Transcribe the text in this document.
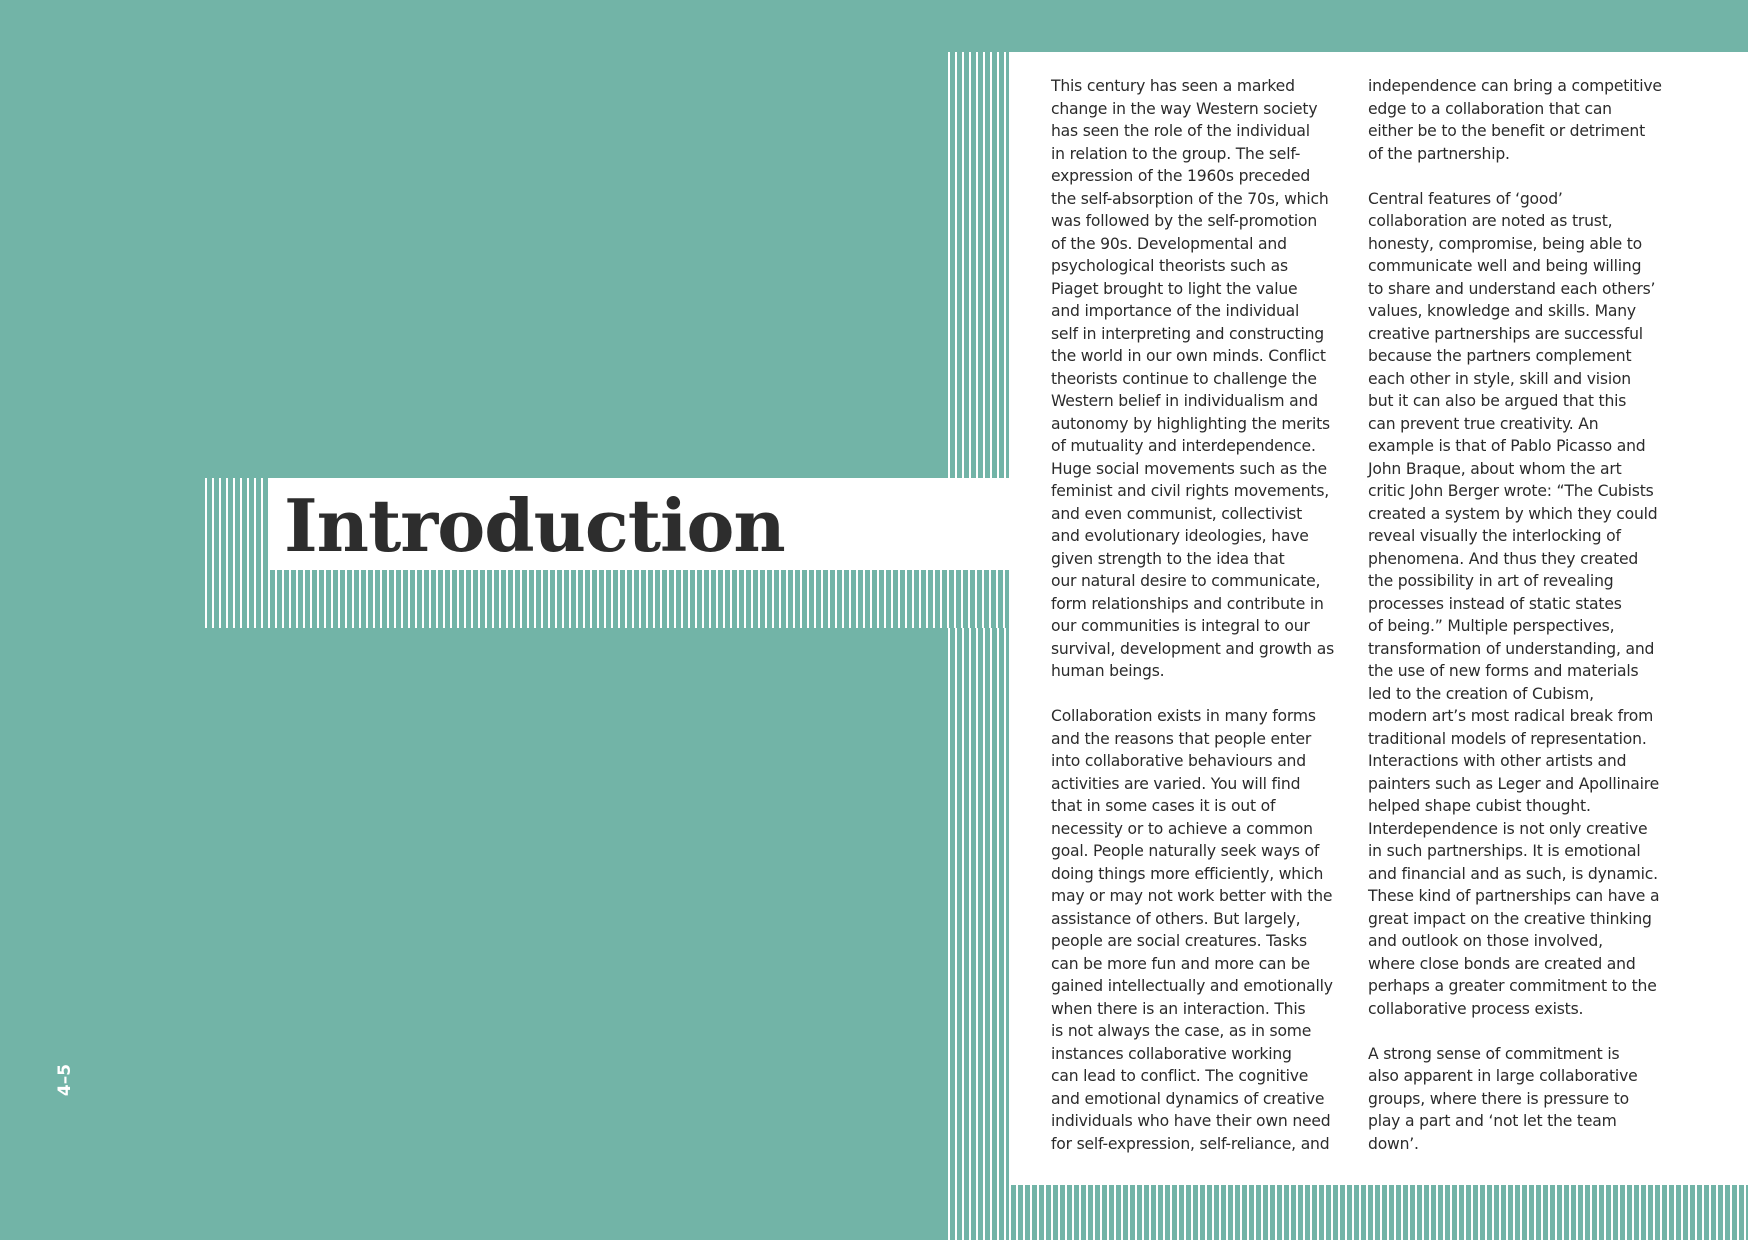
Introduction

This century has seen a marked
change in the way Western society
has seen the role of the individual
in relation to the group. The self-
expression of the 1960s preceded
the self-absorption of the 70s, which
was followed by the self-promotion
of the 90s. Developmental and
psychological theorists such as
Piaget brought to light the value
and importance of the individual
self in interpreting and constructing
the world in our own minds. Conflict
theorists continue to challenge the
Western belief in individualism and
autonomy by highlighting the merits
of mutuality and interdependence.
Huge social movements such as the
feminist and civil rights movements,
and even communist, collectivist
and evolutionary ideologies, have
given strength to the idea that
our natural desire to communicate,
form relationships and contribute in
our communities is integral to our
survival, development and growth as
human beings.

Collaboration exists in many forms
and the reasons that people enter
into collaborative behaviours and
activities are varied. You will find
that in some cases it is out of
necessity or to achieve a common
goal. People naturally seek ways of
doing things more efficiently, which
may or may not work better with the
assistance of others. But largely,
people are social creatures. Tasks
can be more fun and more can be
gained intellectually and emotionally
when there is an interaction. This
is not always the case, as in some
instances collaborative working
can lead to conflict. The cognitive
and emotional dynamics of creative
individuals who have their own need
for self-expression, self-reliance, and

independence can bring a competitive
edge to a collaboration that can
either be to the benefit or detriment
of the partnership.

Central features of ‘good’
collaboration are noted as trust,
honesty, compromise, being able to
communicate well and being willing
to share and understand each others’
values, knowledge and skills. Many
creative partnerships are successful
because the partners complement
each other in style, skill and vision
but it can also be argued that this
can prevent true creativity. An
example is that of Pablo Picasso and
John Braque, about whom the art
critic John Berger wrote: “The Cubists
created a system by which they could
reveal visually the interlocking of
phenomena. And thus they created
the possibility in art of revealing
processes instead of static states
of being.” Multiple perspectives,
transformation of understanding, and
the use of new forms and materials
led to the creation of Cubism,
modern art’s most radical break from
traditional models of representation.
Interactions with other artists and
painters such as Leger and Apollinaire
helped shape cubist thought.
Interdependence is not only creative
in such partnerships. It is emotional
and financial and as such, is dynamic.
These kind of partnerships can have a
great impact on the creative thinking
and outlook on those involved,
where close bonds are created and
perhaps a greater commitment to the
collaborative process exists.

A strong sense of commitment is
also apparent in large collaborative
groups, where there is pressure to
play a part and ‘not let the team
down’.

4–5
